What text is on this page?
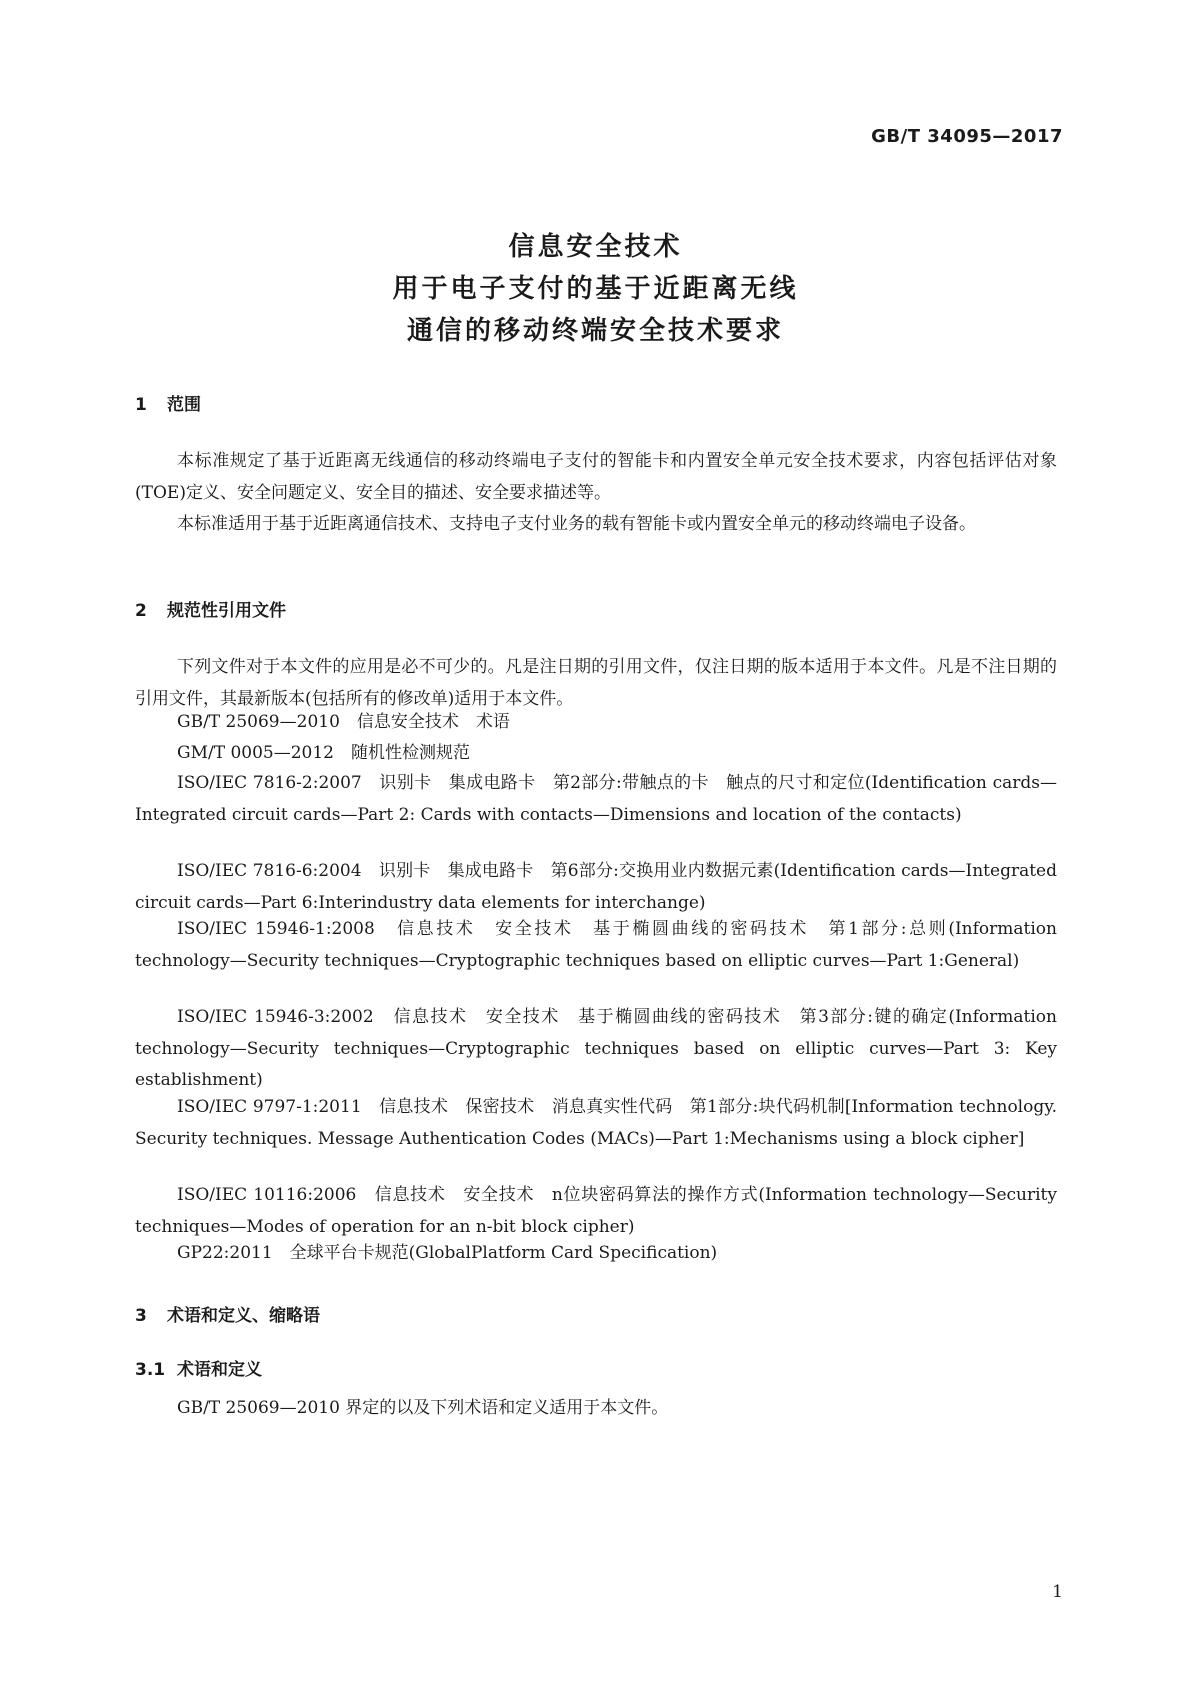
GB/T 34095—2017
信息安全技术
用于电子支付的基于近距离无线
通信的移动终端安全技术要求
1 范围

本标准规定了基于近距离无线通信的移动终端电子支付的智能卡和内置安全单元安全技术要求，内容包括评估对象(TOE)定义、安全问题定义、安全目的描述、安全要求描述等。

本标准适用于基于近距离通信技术、支持电子支付业务的载有智能卡或内置安全单元的移动终端电子设备。

2 规范性引用文件

下列文件对于本文件的应用是必不可少的。凡是注日期的引用文件，仅注日期的版本适用于本文件。凡是不注日期的引用文件，其最新版本(包括所有的修改单)适用于本文件。

GB/T 25069—2010　信息安全技术　术语

GM/T 0005—2012　随机性检测规范

ISO/IEC 7816-2:2007　识别卡　集成电路卡　第2部分:带触点的卡　触点的尺寸和定位(Identification cards—Integrated circuit cards—Part 2: Cards with contacts—Dimensions and location of the contacts)

ISO/IEC 7816-6:2004　识别卡　集成电路卡　第6部分:交换用业内数据元素(Identification cards—Integrated circuit cards—Part 6:Interindustry data elements for interchange)

ISO/IEC 15946-1:2008　信息技术　安全技术　基于椭圆曲线的密码技术　第1部分:总则(Information technology—Security techniques—Cryptographic techniques based on elliptic curves—Part 1:General)

ISO/IEC 15946-3:2002　信息技术　安全技术　基于椭圆曲线的密码技术　第3部分:键的确定(Information technology—Security techniques—Cryptographic techniques based on elliptic curves—Part 3: Key establishment)

ISO/IEC 9797-1:2011　信息技术　保密技术　消息真实性代码　第1部分:块代码机制[Information technology. Security techniques. Message Authentication Codes (MACs)—Part 1:Mechanisms using a block cipher]

ISO/IEC 10116:2006　信息技术　安全技术　n位块密码算法的操作方式(Information technology—Security techniques—Modes of operation for an n-bit block cipher)

GP22:2011　全球平台卡规范(GlobalPlatform Card Specification)

3 术语和定义、缩略语
3.1 术语和定义

GB/T 25069—2010 界定的以及下列术语和定义适用于本文件。

1
